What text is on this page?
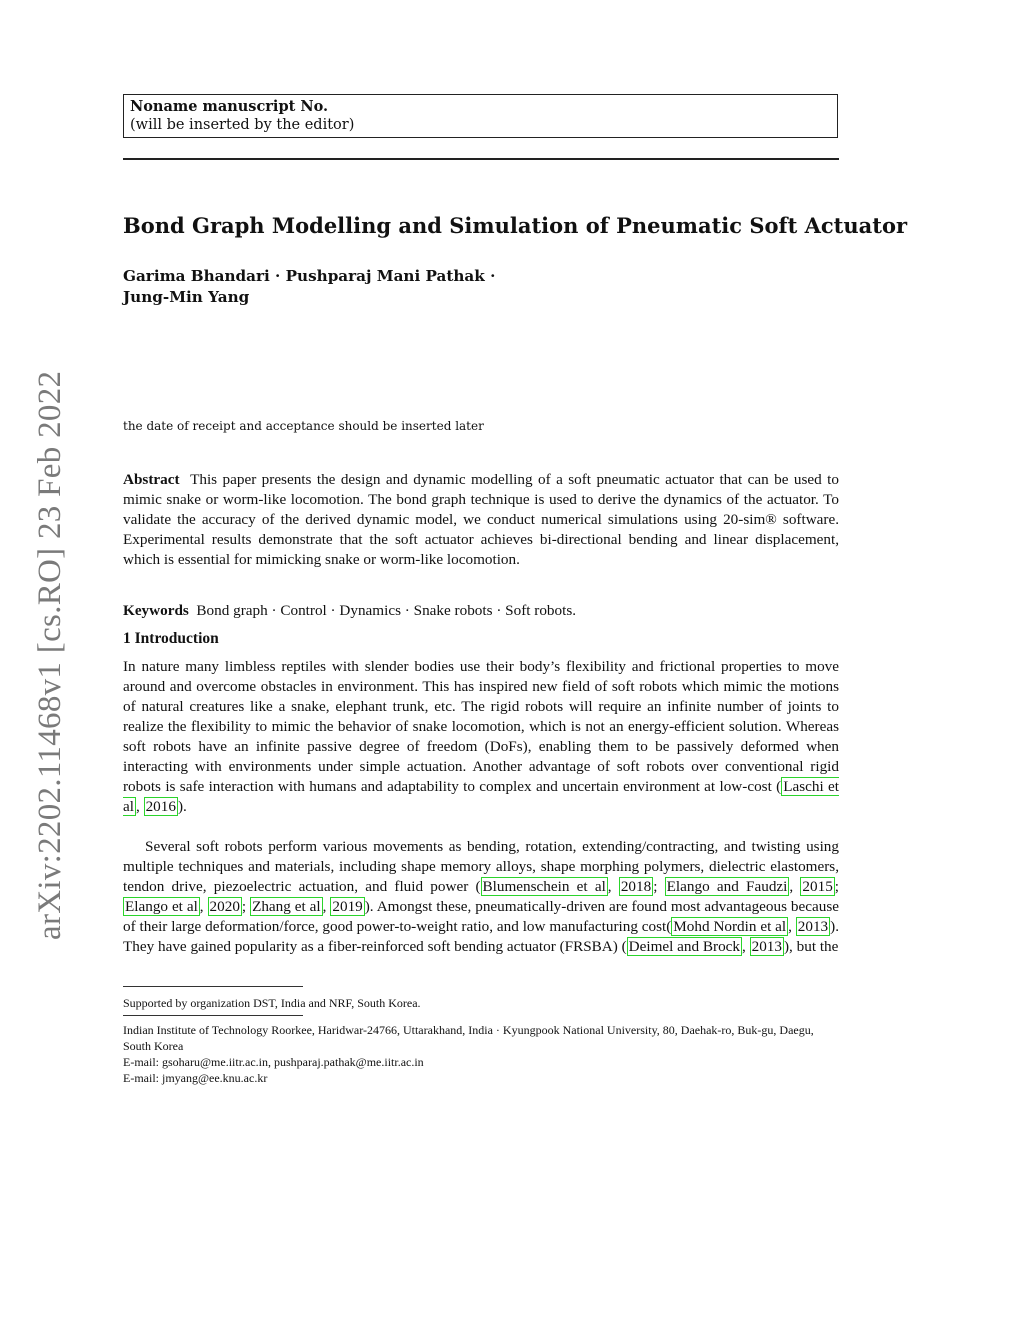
arXiv:2202.11468v1 [cs.RO] 23 Feb 2022
Noname manuscript No.
(will be inserted by the editor)
Bond Graph Modelling and Simulation of Pneumatic Soft Actuator
Garima Bhandari · Pushparaj Mani Pathak ·
Jung-Min Yang
the date of receipt and acceptance should be inserted later
Abstract This paper presents the design and dynamic modelling of a soft pneumatic actuator that can be used to mimic snake or worm-like locomotion. The bond graph technique is used to derive the dynamics of the actuator. To validate the accuracy of the derived dynamic model, we conduct numerical simulations using 20-sim® software. Experimental results demonstrate that the soft actuator achieves bi-directional bending and linear displacement, which is essential for mimicking snake or worm-like locomotion.
Keywords Bond graph · Control · Dynamics · Snake robots · Soft robots.
1 Introduction
In nature many limbless reptiles with slender bodies use their body’s flexibility and frictional properties to move around and overcome obstacles in environment. This has inspired new field of soft robots which mimic the motions of natural creatures like a snake, elephant trunk, etc. The rigid robots will require an infinite number of joints to realize the flexibility to mimic the behavior of snake locomotion, which is not an energy-efficient solution. Whereas soft robots have an infinite passive degree of freedom (DoFs), enabling them to be passively deformed when interacting with environments under simple actuation. Another advantage of soft robots over conventional rigid robots is safe interaction with humans and adaptability to complex and uncertain environment at low-cost ( Laschi et al , 2016 ).
Several soft robots perform various movements as bending, rotation, extending/contracting, and twisting using multiple techniques and materials, including shape memory alloys, shape morphing polymers, dielectric elastomers, tendon drive, piezoelectric actuation, and fluid power ( Blumenschein et al , 2018 ; Elango and Faudzi , 2015 ; Elango et al , 2020 ; Zhang et al , 2019 ). Amongst these, pneumatically-driven are found most advantageous because of their large deformation/force, good power-to-weight ratio, and low manufacturing cost( Mohd Nordin et al , 2013 ). They have gained popularity as a fiber-reinforced soft bending actuator (FRSBA) ( Deimel and Brock , 2013 ), but the
Supported by organization DST, India and NRF, South Korea.
Indian Institute of Technology Roorkee, Haridwar-24766, Uttarakhand, India · Kyungpook National University, 80, Daehak-ro, Buk-gu, Daegu, South Korea
E-mail: gsoharu@me.iitr.ac.in, pushparaj.pathak@me.iitr.ac.in
E-mail: jmyang@ee.knu.ac.kr
